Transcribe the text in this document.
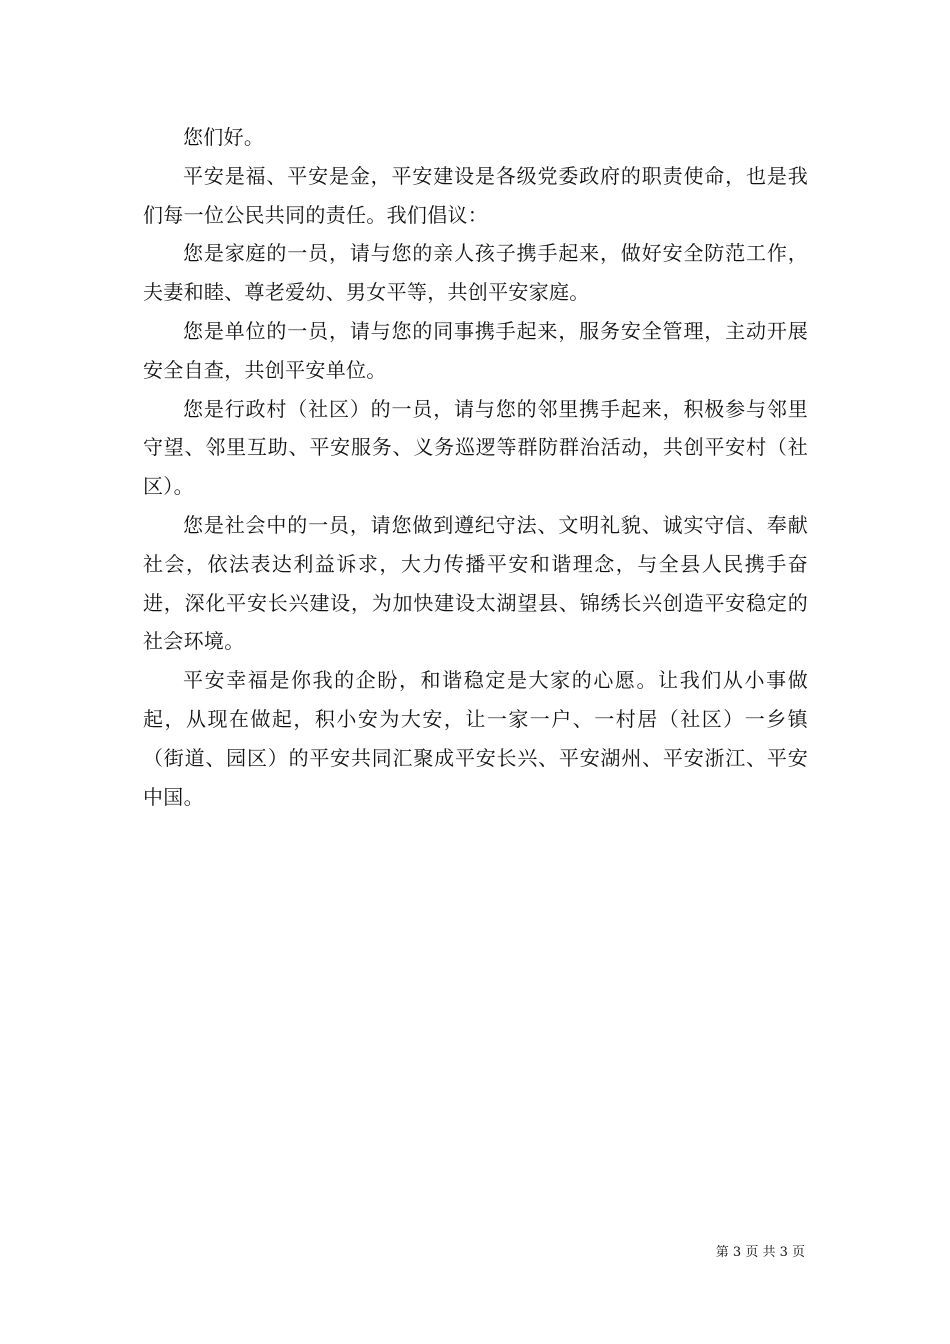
您们好。

平安是福、平安是金，平安建设是各级党委政府的职责使命，也是我们每一位公民共同的责任。我们倡议：

您是家庭的一员，请与您的亲人孩子携手起来，做好安全防范工作，夫妻和睦、尊老爱幼、男女平等，共创平安家庭。

您是单位的一员，请与您的同事携手起来，服务安全管理，主动开展安全自查，共创平安单位。

您是行政村（社区）的一员，请与您的邻里携手起来，积极参与邻里守望、邻里互助、平安服务、义务巡逻等群防群治活动，共创平安村（社区）。

您是社会中的一员，请您做到遵纪守法、文明礼貌、诚实守信、奉献社会，依法表达利益诉求，大力传播平安和谐理念，与全县人民携手奋进，深化平安长兴建设，为加快建设太湖望县、锦绣长兴创造平安稳定的社会环境。

平安幸福是你我的企盼，和谐稳定是大家的心愿。让我们从小事做起，从现在做起，积小安为大安，让一家一户、一村居（社区）一乡镇（街道、园区）的平安共同汇聚成平安长兴、平安湖州、平安浙江、平安中国。

第 3 页 共 3 页
